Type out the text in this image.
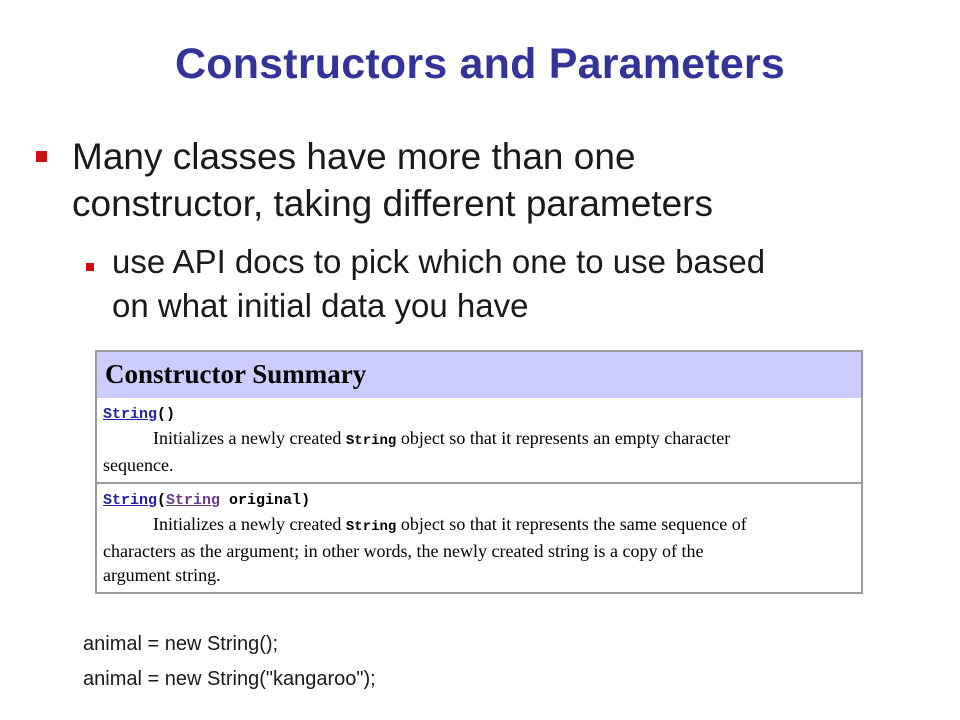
Constructors and Parameters
Many classes have more than one
constructor, taking different parameters
use API docs to pick which one to use based
on what initial data you have
Constructor Summary
String()
Initializes a newly created String object so that it represents an empty character
sequence.
String(String original)
Initializes a newly created String object so that it represents the same sequence of
characters as the argument; in other words, the newly created string is a copy of the
argument string.
animal = new String();
animal = new String("kangaroo");
